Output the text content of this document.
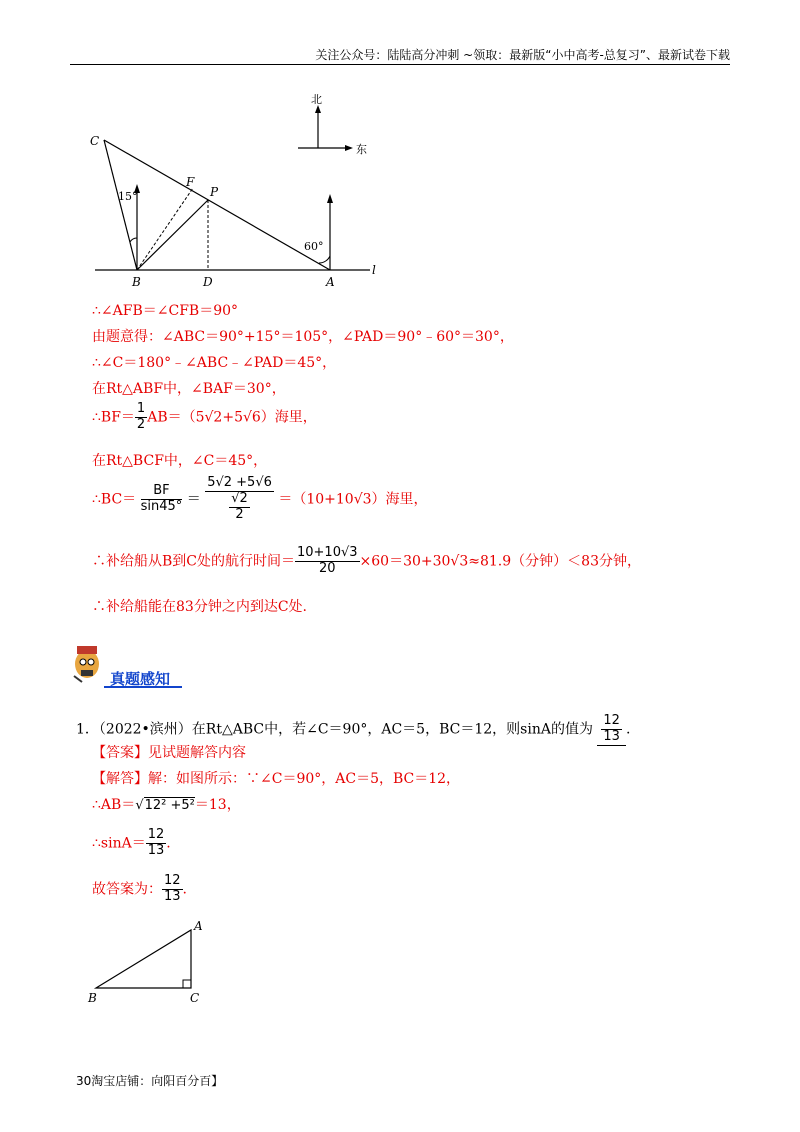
关注公众号：陆陆高分冲刺 ~领取：最新版“小中高考-总复习”、最新试卷下载
C
F
P
B	D	A
l
15°
60°
北
东
∴∠AFB＝∠CFB＝90°
由题意得：∠ABC＝90°+15°＝105°，∠PAD＝90°﹣60°＝30°，
∴∠C＝180°﹣∠ABC﹣∠PAD＝45°，
在Rt△ABF中，∠BAF＝30°，
∴BF＝ $\frac{1}{2} AB=(5√2+5√6)$海里，
在Rt△BCF中，∠C＝45°，
∴BC＝ $\frac{BF}{\sin 45^\circ} = \frac{5√2 +5√6}{\frac{√2}{2}} =(10+10√3)$海里，
∴补给船从B到C处的航行时间＝ $\frac{10+10√3}{20} \times 60=30+30√3\approx 81.9$（分钟）＜83分钟，
∴补给船能在83分钟之内到达C处.
真题感知
1．（2022•滨州）在Rt△ABC中，若∠C＝90°，AC＝5，BC＝12，则sinA的值为 $\frac{12}{13}$ .
【答案】见试题解答内容
【解答】解：如图所示：∵∠C＝90°，AC＝5，BC＝12，
∴AB＝√12² +5²＝13，
∴sinA＝ $\frac{12}{13}$ .
故答案为： $\frac{12}{13}$ .
A
B	C
30淘宝店铺：向阳百分百】
